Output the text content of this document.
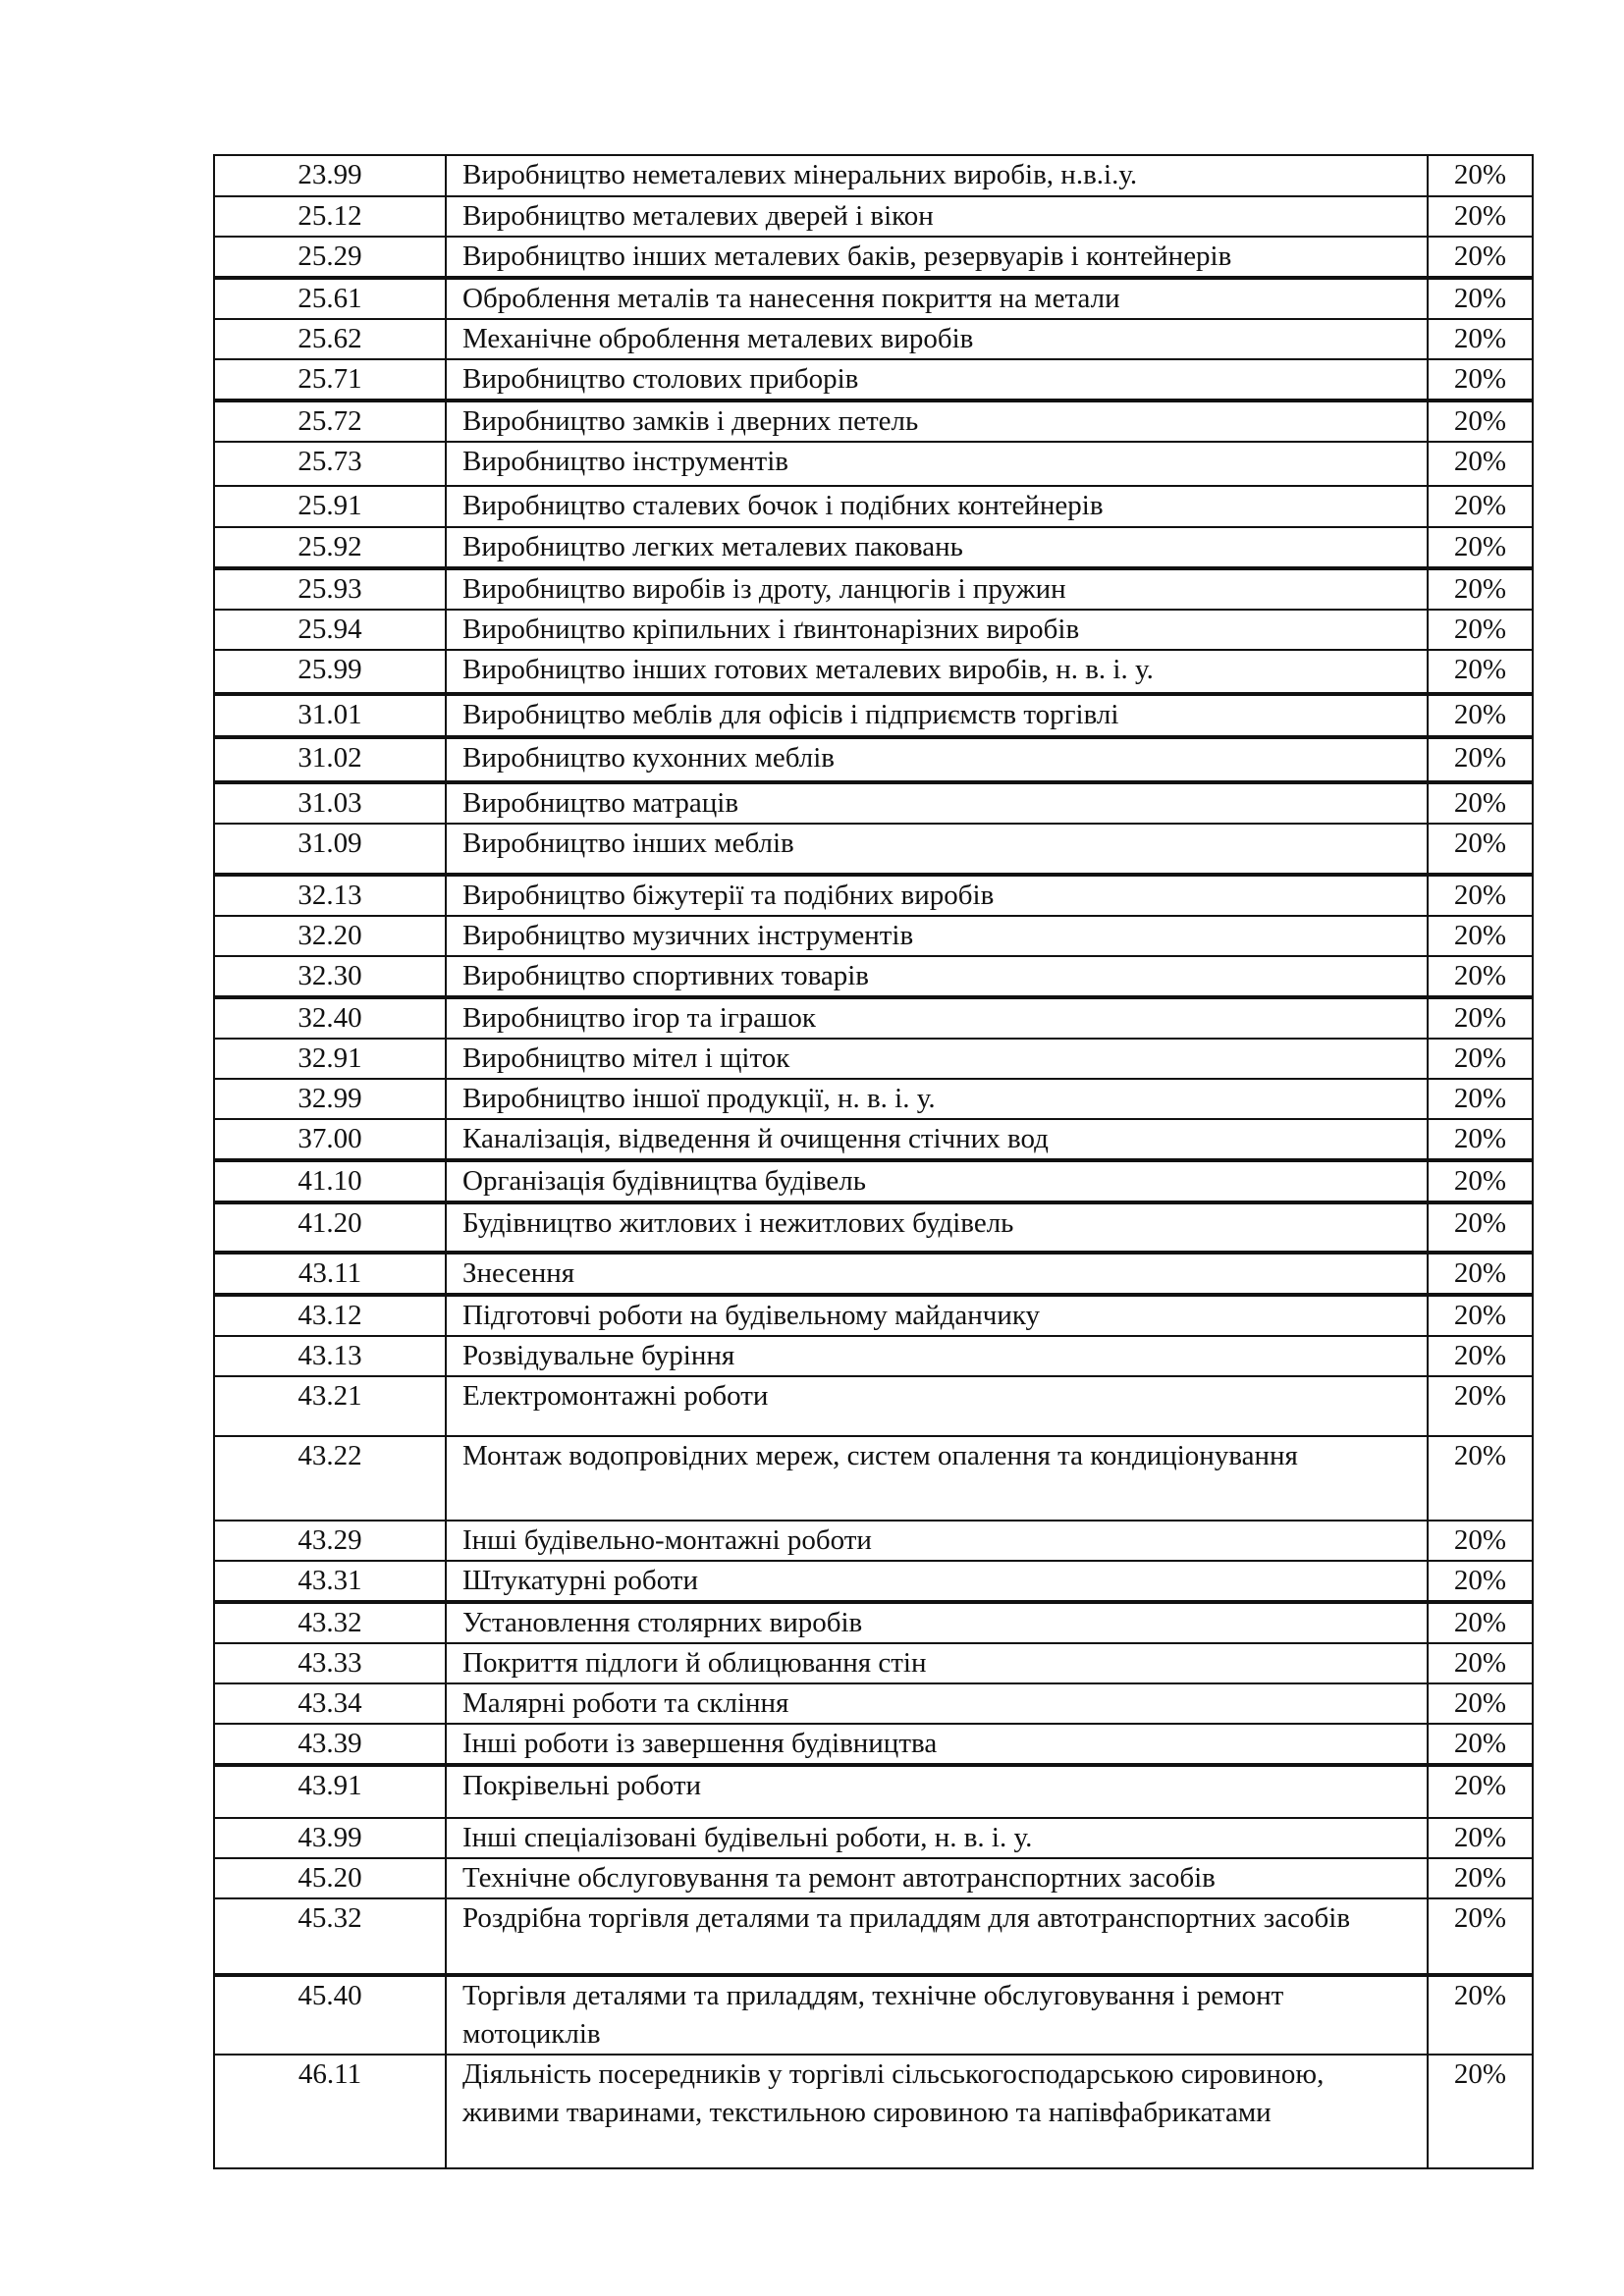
23.99	Виробництво неметалевих мінеральних виробів, н.в.і.у.	20%
25.12	Виробництво металевих дверей і вікон	20%
25.29	Виробництво інших металевих баків, резервуарів і контейнерів	20%
25.61	Оброблення металів та нанесення покриття на метали	20%
25.62	Механічне оброблення металевих виробів	20%
25.71	Виробництво столових приборів	20%
25.72	Виробництво замків і дверних петель	20%
25.73	Виробництво інструментів	20%
25.91	Виробництво сталевих бочок і подібних контейнерів	20%
25.92	Виробництво легких металевих паковань	20%
25.93	Виробництво виробів із дроту, ланцюгів і пружин	20%
25.94	Виробництво кріпильних і ґвинтонарізних виробів	20%
25.99	Виробництво інших готових металевих виробів, н. в. і. у.	20%
31.01	Виробництво меблів для офісів і підприємств торгівлі	20%
31.02	Виробництво кухонних меблів	20%
31.03	Виробництво матраців	20%
31.09	Виробництво інших меблів	20%
32.13	Виробництво біжутерії та подібних виробів	20%
32.20	Виробництво музичних інструментів	20%
32.30	Виробництво спортивних товарів	20%
32.40	Виробництво ігор та іграшок	20%
32.91	Виробництво мітел і щіток	20%
32.99	Виробництво іншої продукції, н. в. і. у.	20%
37.00	Каналізація, відведення й очищення стічних вод	20%
41.10	Організація будівництва будівель	20%
41.20	Будівництво житлових і нежитлових будівель	20%
43.11	Знесення	20%
43.12	Підготовчі роботи на будівельному майданчику	20%
43.13	Розвідувальне буріння	20%
43.21	Електромонтажні роботи	20%
43.22	Монтаж водопровідних мереж, систем опалення та кондиціонування	20%
43.29	Інші будівельно-монтажні роботи	20%
43.31	Штукатурні роботи	20%
43.32	Установлення столярних виробів	20%
43.33	Покриття підлоги й облицювання стін	20%
43.34	Малярні роботи та скління	20%
43.39	Інші роботи із завершення будівництва	20%
43.91	Покрівельні роботи	20%
43.99	Інші спеціалізовані будівельні роботи, н. в. і. у.	20%
45.20	Технічне обслуговування та ремонт автотранспортних засобів	20%
45.32	Роздрібна торгівля деталями та приладдям для автотранспортних засобів	20%
45.40	Торгівля деталями та приладдям, технічне обслуговування і ремонт мотоциклів	20%
46.11	Діяльність посередників у торгівлі сільськогосподарською сировиною, живими тваринами, текстильною сировиною та напівфабрикатами	20%
